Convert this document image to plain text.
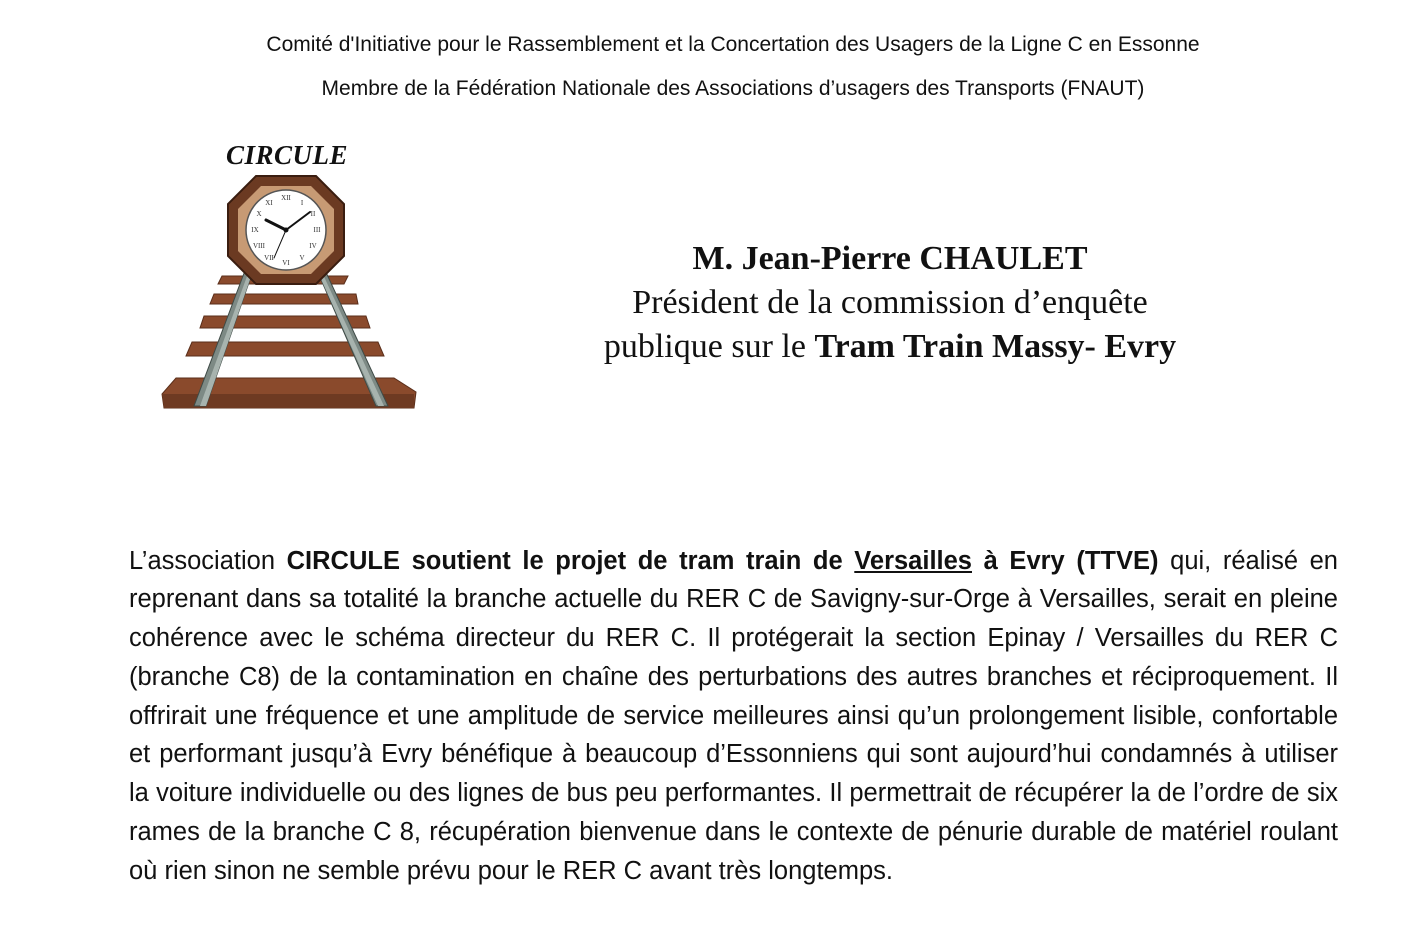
Comité d'Initiative pour le Rassemblement et la Concertation des Usagers de la Ligne C en Essonne
Membre de la Fédération Nationale des Associations d’usagers des Transports (FNAUT)
CIRCULE
XII
I
II
III
IV
V
VI
VII
VIII
IX
X
XI
M. Jean-Pierre CHAULET
Président de la commission d’enquête
publique sur le Tram Train Massy- Evry

L’association CIRCULE soutient le projet de tram train de Versailles à Evry (TTVE) qui, réalisé en reprenant dans sa totalité la branche actuelle du RER C de Savigny-sur-Orge à Versailles, serait en pleine cohérence avec le schéma directeur du RER C. Il protégerait la section Epinay / Versailles du RER C (branche C8) de la contamination en chaîne des perturbations des autres branches et réciproquement. Il offrirait une fréquence et une amplitude de service meilleures ainsi qu’un prolongement lisible, confortable et performant jusqu’à Evry bénéfique à beaucoup d’Essonniens qui sont aujourd’hui condamnés à utiliser la voiture individuelle ou des lignes de bus peu performantes. Il permettrait de récupérer la de l’ordre de six rames de la branche C 8, récupération bienvenue dans le contexte de pénurie durable de matériel roulant où rien sinon ne semble prévu pour le RER C avant très longtemps.
